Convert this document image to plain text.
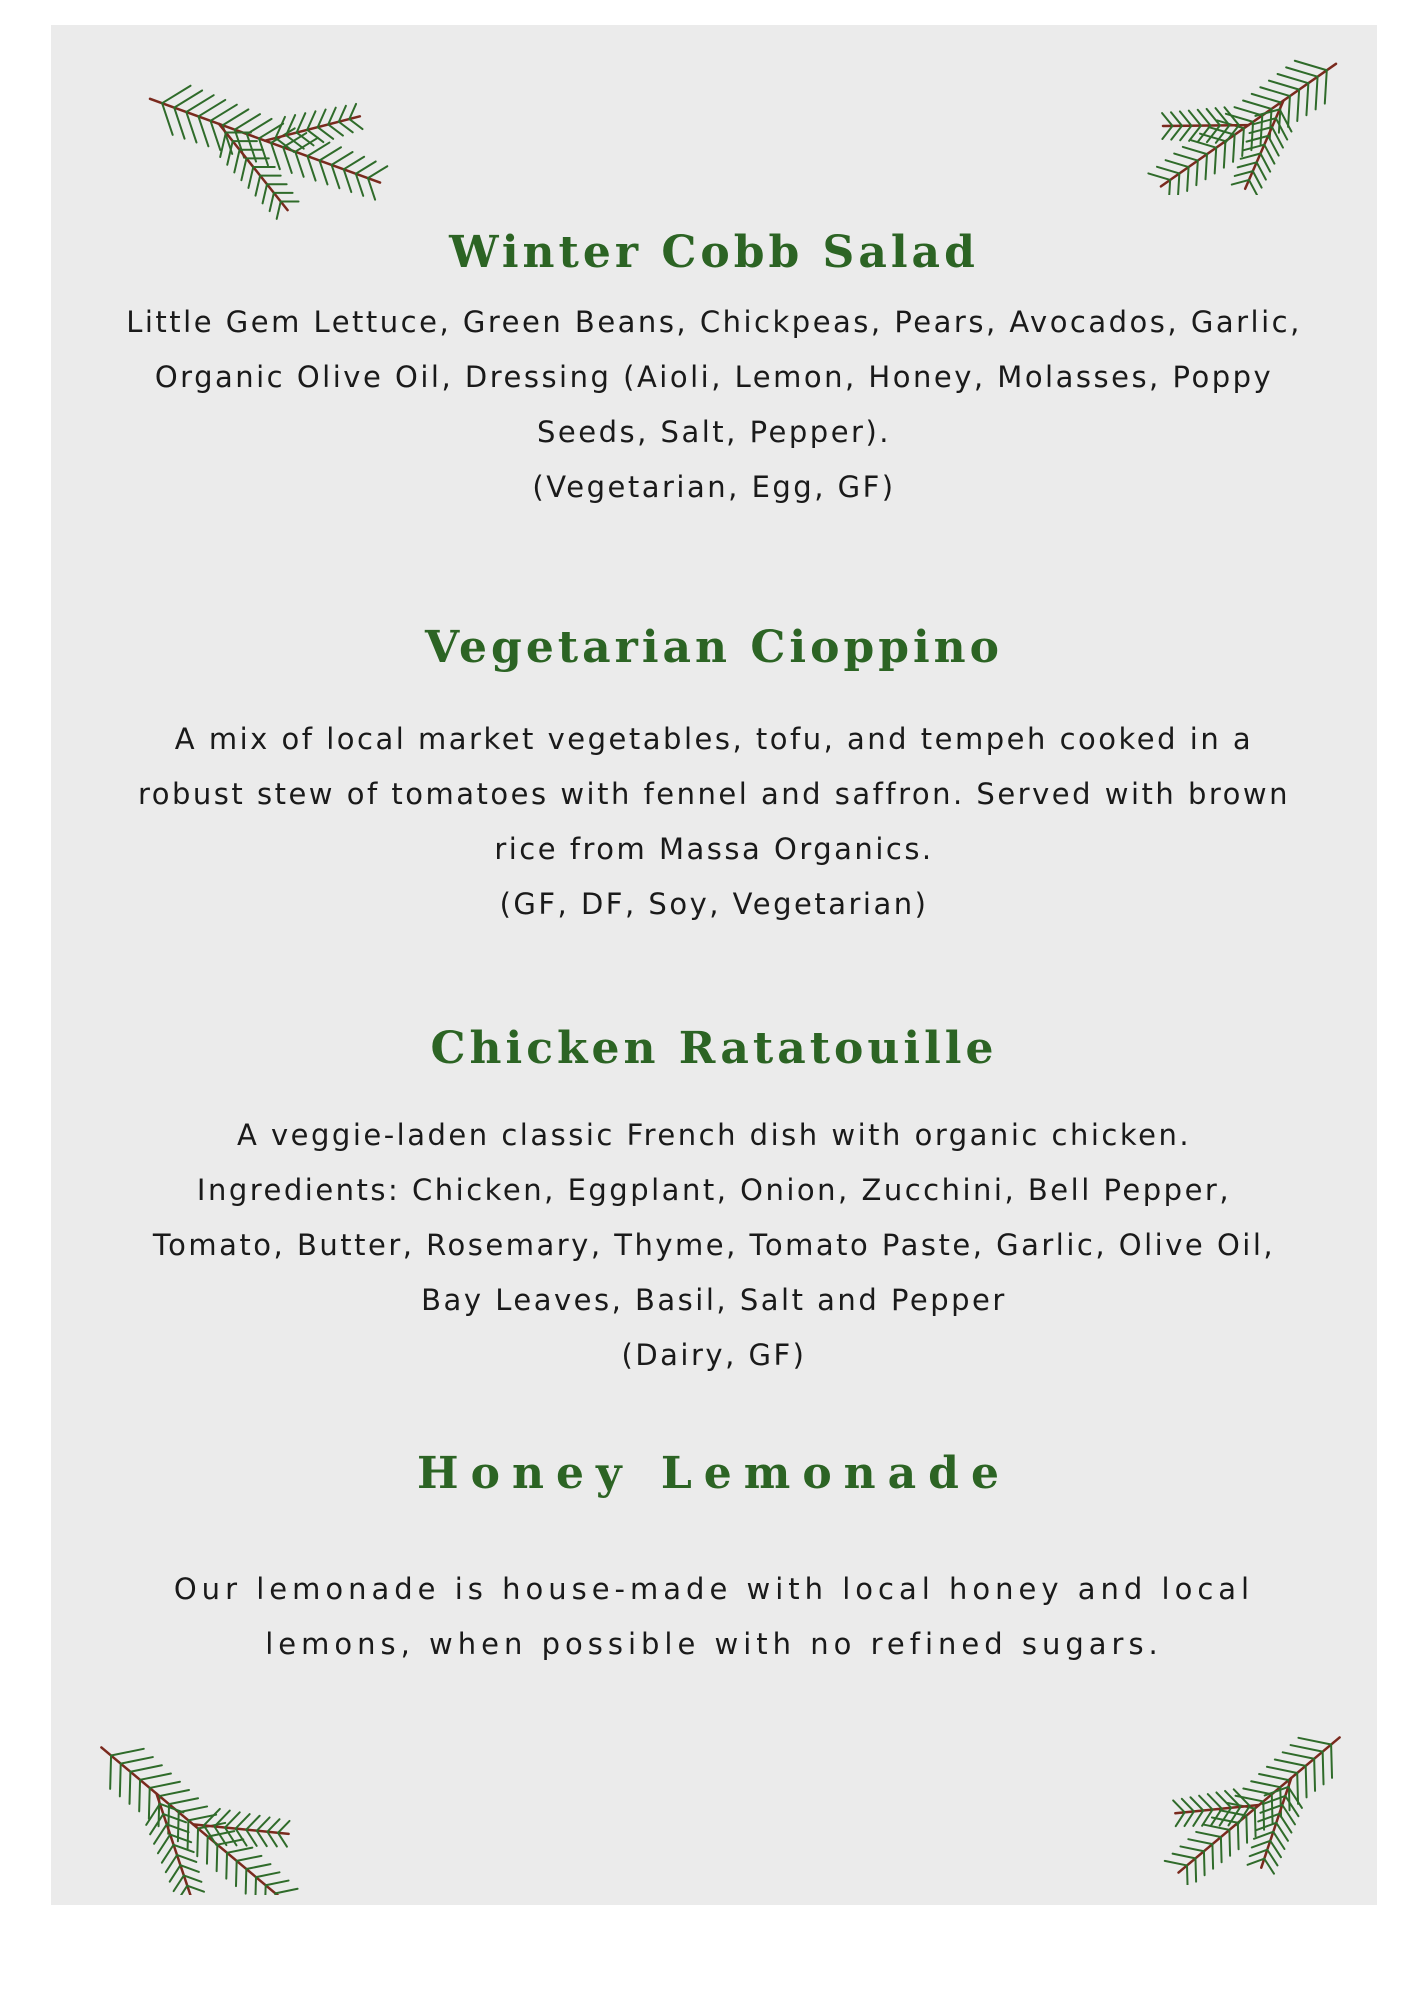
Winter Cobb Salad

Little Gem Lettuce, Green Beans, Chickpeas, Pears, Avocados, Garlic,
Organic Olive Oil, Dressing (Aioli, Lemon, Honey, Molasses, Poppy
Seeds, Salt, Pepper).
(Vegetarian, Egg, GF)

Vegetarian Cioppino

A mix of local market vegetables, tofu, and tempeh cooked in a
robust stew of tomatoes with fennel and saffron. Served with brown
rice from Massa Organics.
(GF, DF, Soy, Vegetarian)

Chicken Ratatouille

A veggie-laden classic French dish with organic chicken.
Ingredients: Chicken, Eggplant, Onion, Zucchini, Bell Pepper,
Tomato, Butter, Rosemary, Thyme, Tomato Paste, Garlic, Olive Oil,
Bay Leaves, Basil, Salt and Pepper
(Dairy, GF)

Honey Lemonade

Our lemonade is house-made with local honey and local
lemons, when possible with no refined sugars.
